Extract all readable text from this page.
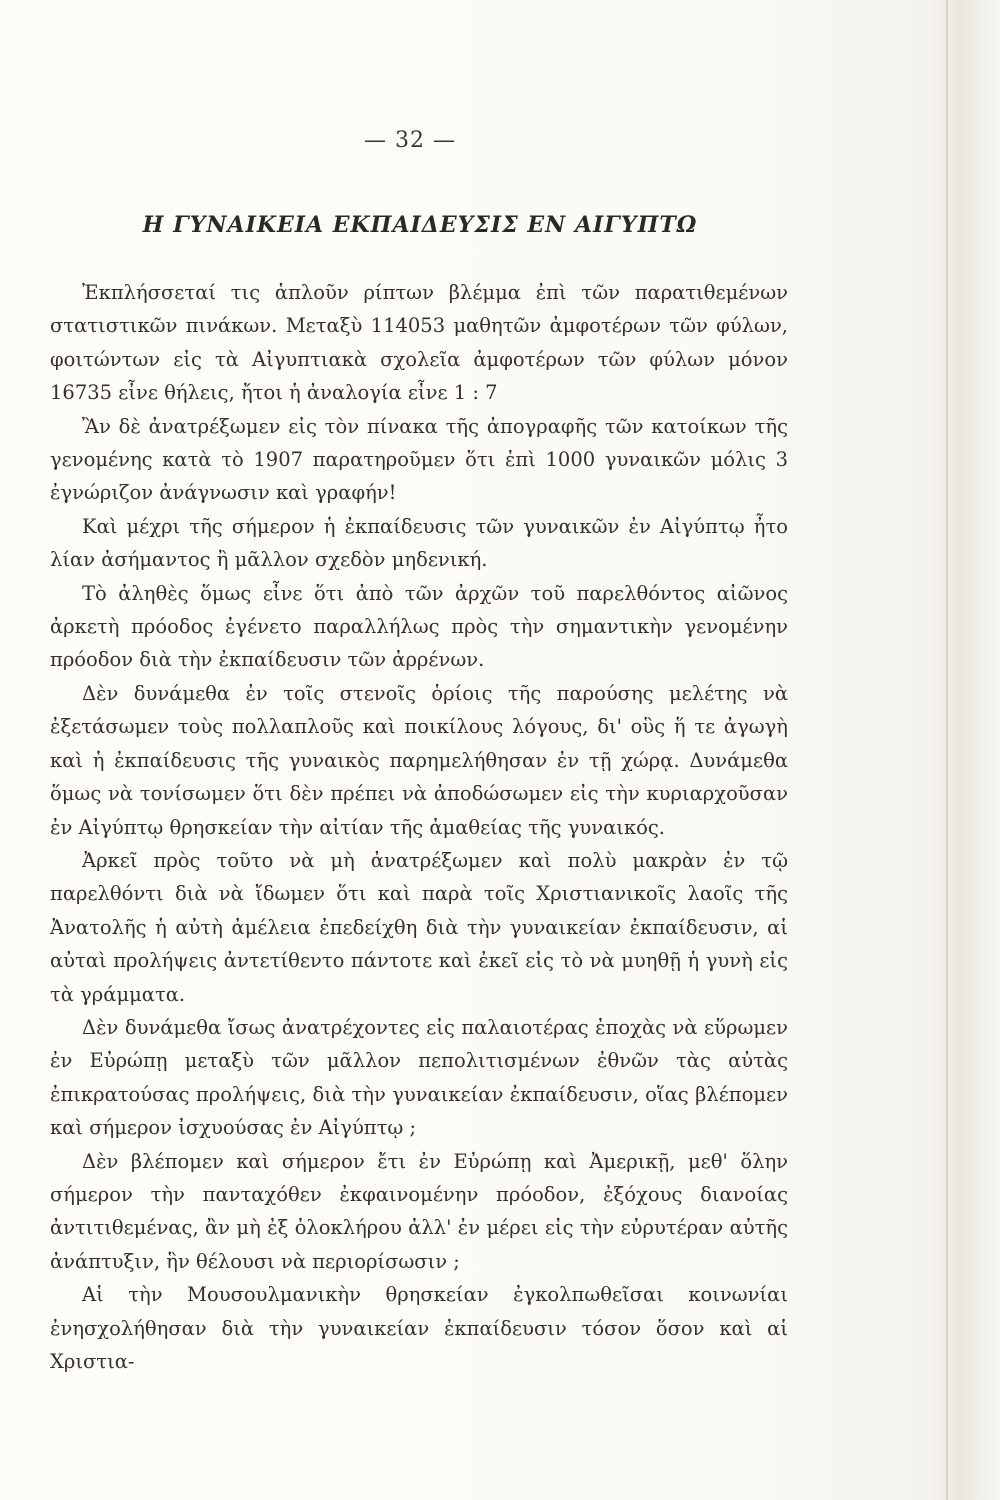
— 32 —
Η ΓΥΝΑΙΚΕΙΑ ΕΚΠΑΙΔΕΥΣΙΣ ΕΝ ΑΙΓΥΠΤΩ

Ἐκπλήσσεταί τις ἁπλοῦν ρίπτων βλέμμα ἐπὶ τῶν παρατιθεμένων στατιστικῶν πινάκων. Μεταξὺ 114053 μαθητῶν ἀμφοτέρων τῶν φύλων, φοιτώντων εἰς τὰ Αἰγυπτιακὰ σχολεῖα ἀμφοτέρων τῶν φύλων μόνον 16735 εἶνε θήλεις, ἤτοι ἡ ἀναλογία εἶνε 1 : 7

Ἂν δὲ ἀνατρέξωμεν εἰς τὸν πίνακα τῆς ἀπογραφῆς τῶν κατοίκων τῆς γενομένης κατὰ τὸ 1907 παρατηροῦμεν ὅτι ἐπὶ 1000 γυναικῶν μόλις 3 ἐγνώριζον ἀνάγνωσιν καὶ γραφήν!

Καὶ μέχρι τῆς σήμερον ἡ ἐκπαίδευσις τῶν γυναικῶν ἐν Αἰγύπτῳ ἦτο λίαν ἀσήμαντος ἢ μᾶλλον σχεδὸν μηδενική.

Τὸ ἀληθὲς ὅμως εἶνε ὅτι ἀπὸ τῶν ἀρχῶν τοῦ παρελθόντος αἰῶνος ἀρκετὴ πρόοδος ἐγένετο παραλλήλως πρὸς τὴν σημαντικὴν γενομένην πρόοδον διὰ τὴν ἐκπαίδευσιν τῶν ἀρρένων.

Δὲν δυνάμεθα ἐν τοῖς στενοῖς ὁρίοις τῆς παρούσης μελέτης νὰ ἐξετάσωμεν τοὺς πολλαπλοῦς καὶ ποικίλους λόγους, δι' οὓς ἥ τε ἀγωγὴ καὶ ἡ ἐκπαίδευσις τῆς γυναικὸς παρημελήθησαν ἐν τῇ χώρᾳ. Δυνάμεθα ὅμως νὰ τονίσωμεν ὅτι δὲν πρέπει νὰ ἀποδώσωμεν εἰς τὴν κυριαρχοῦσαν ἐν Αἰγύπτῳ θρησκείαν τὴν αἰτίαν τῆς ἀμαθείας τῆς γυναικός.

Ἀρκεῖ πρὸς τοῦτο νὰ μὴ ἀνατρέξωμεν καὶ πολὺ μακρὰν ἐν τῷ παρελθόντι διὰ νὰ ἴδωμεν ὅτι καὶ παρὰ τοῖς Χριστιανικοῖς λαοῖς τῆς Ἀνατολῆς ἡ αὐτὴ ἀμέλεια ἐπεδείχθη διὰ τὴν γυναικείαν ἐκπαίδευσιν, αἱ αὐταὶ προλήψεις ἀντετίθεντο πάντοτε καὶ ἐκεῖ εἰς τὸ νὰ μυηθῇ ἡ γυνὴ εἰς τὰ γράμματα.

Δὲν δυνάμεθα ἴσως ἀνατρέχοντες εἰς παλαιοτέρας ἐποχὰς νὰ εὕρωμεν ἐν Εὐρώπῃ μεταξὺ τῶν μᾶλλον πεπολιτισμένων ἐθνῶν τὰς αὐτὰς ἐπικρατούσας προλήψεις, διὰ τὴν γυναικείαν ἐκπαίδευσιν, οἵας βλέπομεν καὶ σήμερον ἰσχυούσας ἐν Αἰγύπτῳ ;

Δὲν βλέπομεν καὶ σήμερον ἔτι ἐν Εὐρώπῃ καὶ Ἀμερικῇ, μεθ' ὅλην σήμερον τὴν πανταχόθεν ἐκφαινομένην πρόοδον, ἐξόχους διανοίας ἀντιτιθεμένας, ἂν μὴ ἐξ ὁλοκλήρου ἀλλ' ἐν μέρει εἰς τὴν εὐρυτέραν αὐτῆς ἀνάπτυξιν, ἣν θέλουσι νὰ περιορίσωσιν ;

Αἱ τὴν Μουσουλμανικὴν θρησκείαν ἐγκολπωθεῖσαι κοινωνίαι ἐνησχολήθησαν διὰ τὴν γυναικείαν ἐκπαίδευσιν τόσον ὅσον καὶ αἱ Χριστια-
